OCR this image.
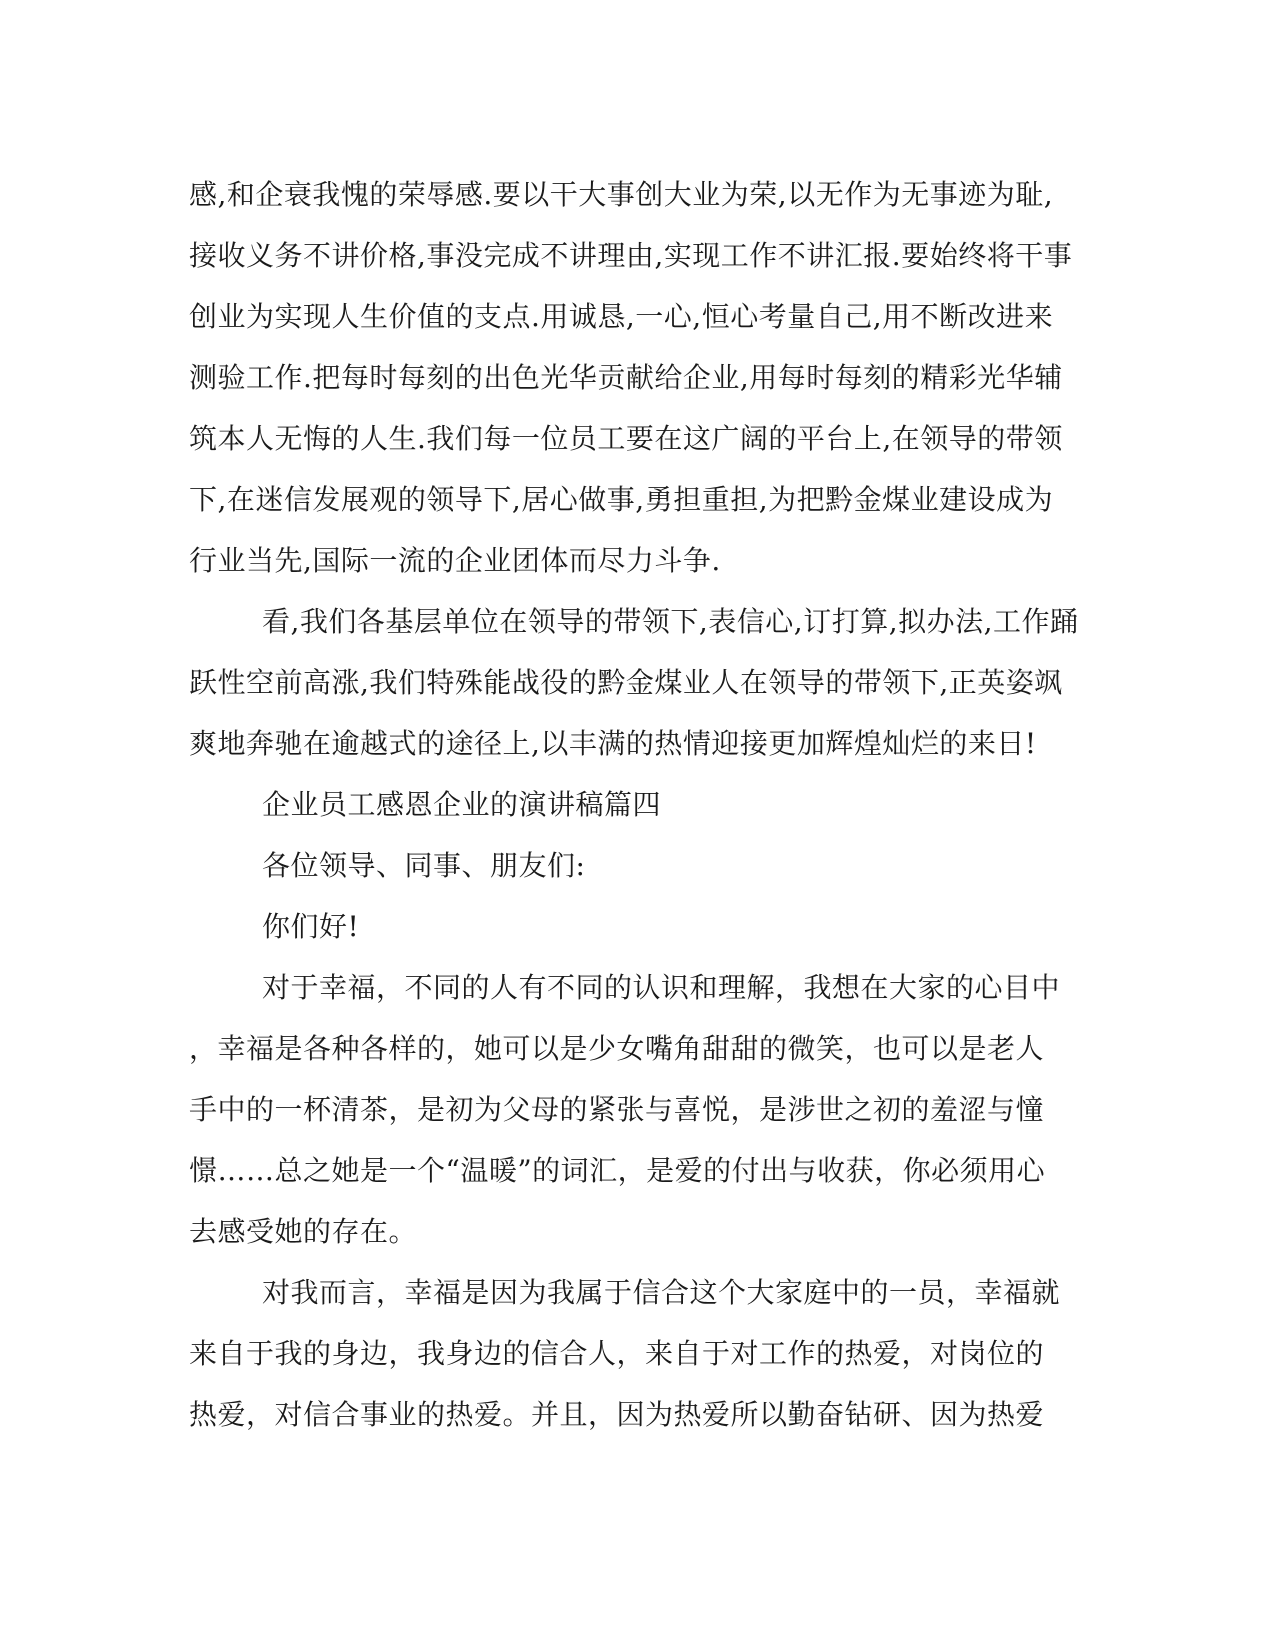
感,和企衰我愧的荣辱感.要以干大事创大业为荣,以无作为无事迹为耻,
接收义务不讲价格,事没完成不讲理由,实现工作不讲汇报.要始终将干事
创业为实现人生价值的支点.用诚恳,一心,恒心考量自己,用不断改进来
测验工作.把每时每刻的出色光华贡献给企业,用每时每刻的精彩光华辅
筑本人无悔的人生.我们每一位员工要在这广阔的平台上,在领导的带领
下,在迷信发展观的领导下,居心做事,勇担重担,为把黔金煤业建设成为
行业当先,国际一流的企业团体而尽力斗争.
看,我们各基层单位在领导的带领下,表信心,订打算,拟办法,工作踊
跃性空前高涨,我们特殊能战役的黔金煤业人在领导的带领下,正英姿飒
爽地奔驰在逾越式的途径上,以丰满的热情迎接更加辉煌灿烂的来日!
企业员工感恩企业的演讲稿篇四
各位领导、同事、朋友们:
你们好!
对于幸福，不同的人有不同的认识和理解，我想在大家的心目中
，幸福是各种各样的，她可以是少女嘴角甜甜的微笑，也可以是老人
手中的一杯清茶，是初为父母的紧张与喜悦，是涉世之初的羞涩与憧
憬……总之她是一个“温暖”的词汇，是爱的付出与收获，你必须用心
去感受她的存在。
对我而言，幸福是因为我属于信合这个大家庭中的一员，幸福就
来自于我的身边，我身边的信合人，来自于对工作的热爱，对岗位的
热爱，对信合事业的热爱。并且，因为热爱所以勤奋钻研、因为热爱
